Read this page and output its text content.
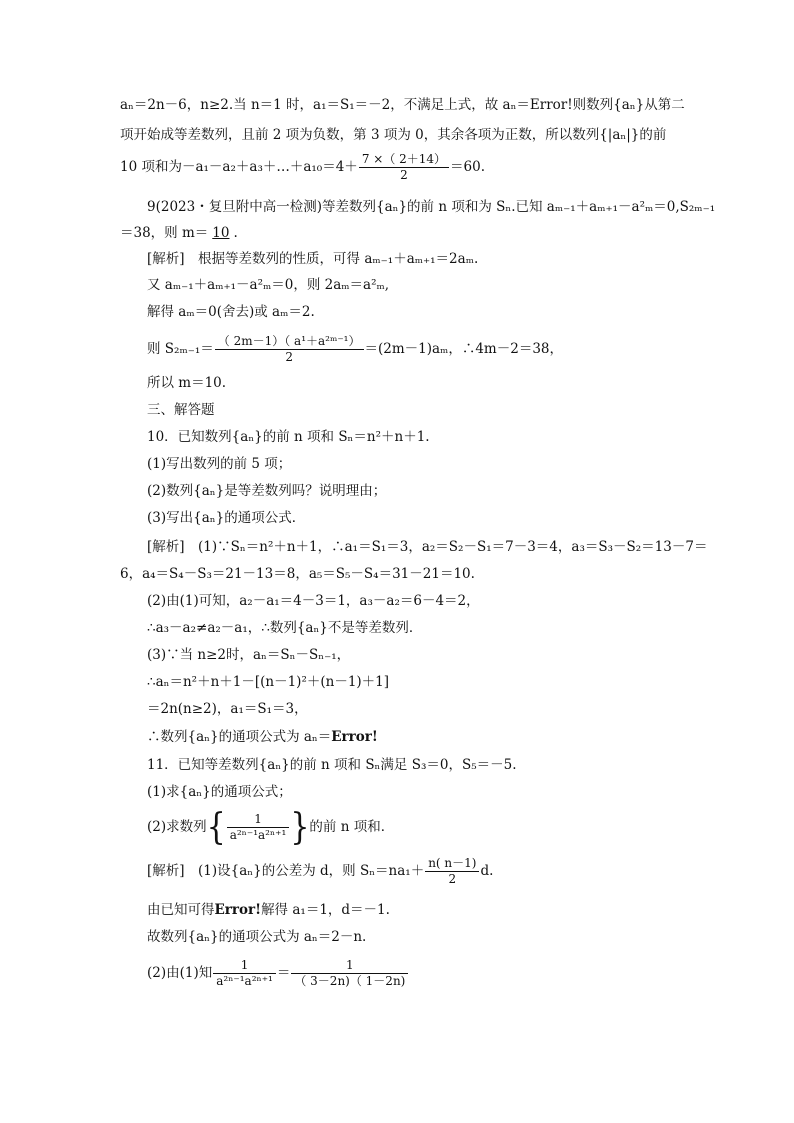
aₙ＝2n－6，n≥2.当 n＝1 时，a₁＝S₁＝－2，不满足上式，故 aₙ＝Error!则数列{aₙ}从第二
项开始成等差数列，且前 2 项为负数，第 3 项为 0，其余各项为正数，所以数列{|aₙ|}的前
10 项和为－a₁－a₂＋a₃＋…＋a₁₀＝4＋ $\frac{7 \times( 2+14)}{2} =60$.
9(2023・复旦附中高一检测)等差数列{aₙ}的前 n 项和为 Sₙ.已知 aₘ₋₁＋aₘ₊₁－a²ₘ＝0,S₂ₘ₋₁
＝38，则 m＝ 10 .
[解析]　根据等差数列的性质，可得 aₘ₋₁＋aₘ₊₁＝2aₘ.
又 aₘ₋₁＋aₘ₊₁－a²ₘ＝0，则 2aₘ＝a²ₘ,
解得 aₘ＝0(舍去)或 aₘ＝2.
则 $S_{2m-1}= \frac{\text{（ 2m－1）（ a¹＋a²ᵐ⁻¹）}}{2} =(2m-1)a_m$，∴4m－2＝38，
所以 m＝10.
三、解答题
10．已知数列{aₙ}的前 n 项和 Sₙ＝n²＋n＋1.
(1)写出数列的前 5 项；
(2)数列{aₙ}是等差数列吗？说明理由；
(3)写出{aₙ}的通项公式．
[解析]　(1)∵Sₙ＝n²＋n＋1，∴a₁＝S₁＝3，a₂＝S₂－S₁＝7－3＝4，a₃＝S₃－S₂＝13－7＝
6，a₄＝S₄－S₃＝21－13＝8，a₅＝S₅－S₄＝31－21＝10.
(2)由(1)可知，a₂－a₁＝4－3＝1，a₃－a₂＝6－4＝2，
∴a₃－a₂≠a₂－a₁，∴数列{aₙ}不是等差数列．
(3)∵当 n≥2时，aₙ＝Sₙ－Sₙ₋₁，
∴aₙ＝n²＋n＋1－[(n－1)²＋(n－1)＋1]
＝2n(n≥2)，a₁＝S₁＝3，
∴数列{aₙ}的通项公式为 aₙ＝Error!
11．已知等差数列{aₙ}的前 n 项和 Sₙ满足 S₃＝0，S₅＝－5.
(1)求{aₙ}的通项公式；
(2)求数列{ $\frac{1}{\text{a²ⁿ⁻¹a²ⁿ⁺¹}}$ }的前 n 项和．
[解析]　(1)设{aₙ}的公差为 d，则 $S_n=na_1+ \frac{n( n-1)}{2} d$.
由已知可得Error!解得 a₁＝1，d＝－1.
故数列{aₙ}的通项公式为 aₙ＝2－n.
(2)由(1)知 $\frac{1}{\text{a²ⁿ⁻¹a²ⁿ⁺¹}} = \frac{1}{( 3-2n)( 1-2n)}$
